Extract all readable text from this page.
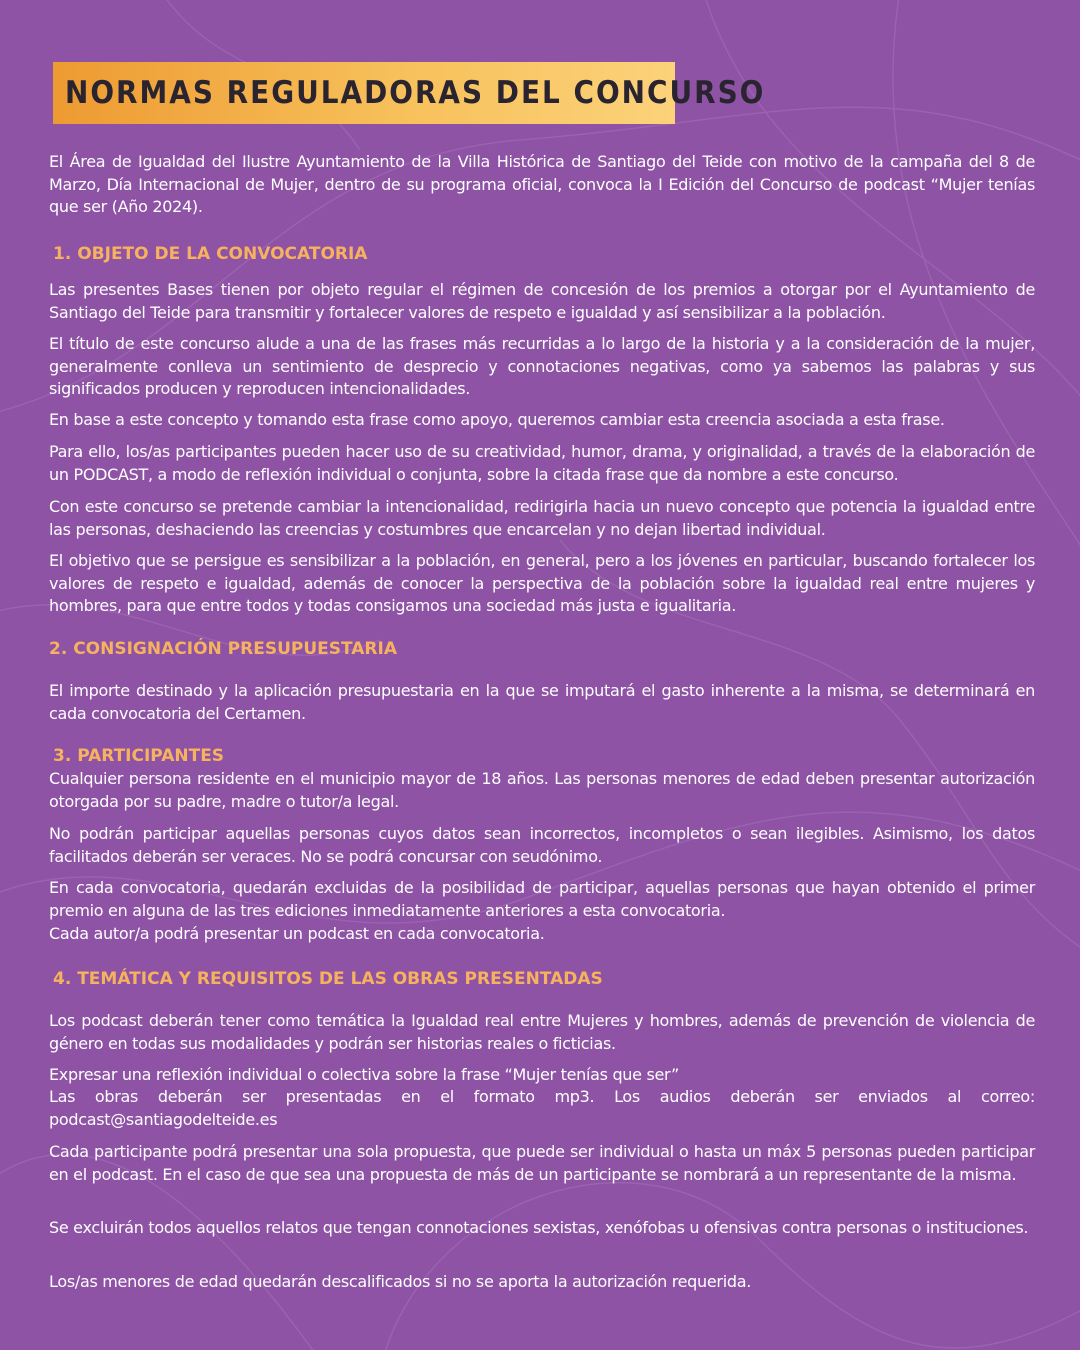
NORMAS REGULADORAS DEL CONCURSO

El Área de Igualdad del Ilustre Ayuntamiento de la Villa Histórica de Santiago del Teide con motivo de la campaña del 8 de Marzo, Día Internacional de Mujer, dentro de su programa oficial, convoca la I Edición del Concurso de podcast “Mujer tenías que ser (Año 2024).

1. OBJETO DE LA CONVOCATORIA

Las presentes Bases tienen por objeto regular el régimen de concesión de los premios a otorgar por el Ayuntamiento de Santiago del Teide para transmitir y fortalecer valores de respeto e igualdad y así sensibilizar a la población.

El título de este concurso alude a una de las frases más recurridas a lo largo de la historia y a la consideración de la mujer, generalmente conlleva un sentimiento de desprecio y connotaciones negativas, como ya sabemos las palabras y sus significados producen y reproducen intencionalidades.

En base a este concepto y tomando esta frase como apoyo, queremos cambiar esta creencia asociada a esta frase.

Para ello, los/as participantes pueden hacer uso de su creatividad, humor, drama, y originalidad, a través de la elaboración de un PODCAST, a modo de reflexión individual o conjunta, sobre la citada frase que da nombre a este concurso.

Con este concurso se pretende cambiar la intencionalidad, redirigirla hacia un nuevo concepto que potencia la igualdad entre las personas, deshaciendo las creencias y costumbres que encarcelan y no dejan libertad individual.

El objetivo que se persigue es sensibilizar a la población, en general, pero a los jóvenes en particular, buscando fortalecer los valores de respeto e igualdad, además de conocer la perspectiva de la población sobre la igualdad real entre mujeres y hombres, para que entre todos y todas consigamos una sociedad más justa e igualitaria.

2. CONSIGNACIÓN PRESUPUESTARIA

El importe destinado y la aplicación presupuestaria en la que se imputará el gasto inherente a la misma, se determinará en cada convocatoria del Certamen.

3. PARTICIPANTES

Cualquier persona residente en el municipio mayor de 18 años. Las personas menores de edad deben presentar autorización otorgada por su padre, madre o tutor/a legal.

No podrán participar aquellas personas cuyos datos sean incorrectos, incompletos o sean ilegibles. Asimismo, los datos facilitados deberán ser veraces. No se podrá concursar con seudónimo.

En cada convocatoria, quedarán excluidas de la posibilidad de participar, aquellas personas que hayan obtenido el primer premio en alguna de las tres ediciones inmediatamente anteriores a esta convocatoria.

Cada autor/a podrá presentar un podcast en cada convocatoria.

4. TEMÁTICA Y REQUISITOS DE LAS OBRAS PRESENTADAS

Los podcast deberán tener como temática la Igualdad real entre Mujeres y hombres, además de prevención de violencia de género en todas sus modalidades y podrán ser historias reales o ficticias.

Expresar una reflexión individual o colectiva sobre la frase “Mujer tenías que ser”

Las obras deberán ser presentadas en el formato mp3. Los audios deberán ser enviados al correo: podcast@santiagodelteide.es

Cada participante podrá presentar una sola propuesta, que puede ser individual o hasta un máx 5 personas pueden participar en el podcast. En el caso de que sea una propuesta de más de un participante se nombrará a un representante de la misma.

Se excluirán todos aquellos relatos que tengan connotaciones sexistas, xenófobas u ofensivas contra personas o instituciones.

Los/as menores de edad quedarán descalificados si no se aporta la autorización requerida.
